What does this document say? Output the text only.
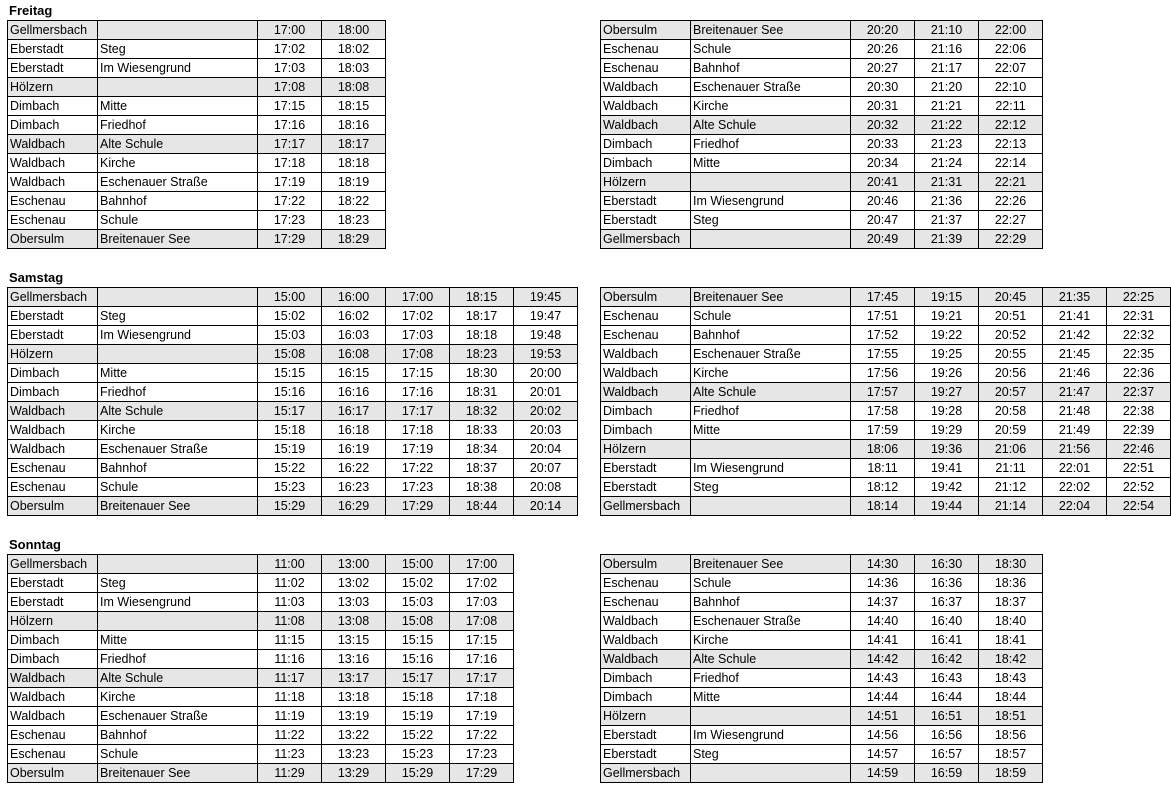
Freitag
Gellmersbach		17:00	18:00
Eberstadt	Steg	17:02	18:02
Eberstadt	Im Wiesengrund	17:03	18:03
Hölzern		17:08	18:08
Dimbach	Mitte	17:15	18:15
Dimbach	Friedhof	17:16	18:16
Waldbach	Alte Schule	17:17	18:17
Waldbach	Kirche	17:18	18:18
Waldbach	Eschenauer Straße	17:19	18:19
Eschenau	Bahnhof	17:22	18:22
Eschenau	Schule	17:23	18:23
Obersulm	Breitenauer See	17:29	18:29
Obersulm	Breitenauer See	20:20	21:10	22:00
Eschenau	Schule	20:26	21:16	22:06
Eschenau	Bahnhof	20:27	21:17	22:07
Waldbach	Eschenauer Straße	20:30	21:20	22:10
Waldbach	Kirche	20:31	21:21	22:11
Waldbach	Alte Schule	20:32	21:22	22:12
Dimbach	Friedhof	20:33	21:23	22:13
Dimbach	Mitte	20:34	21:24	22:14
Hölzern		20:41	21:31	22:21
Eberstadt	Im Wiesengrund	20:46	21:36	22:26
Eberstadt	Steg	20:47	21:37	22:27
Gellmersbach		20:49	21:39	22:29
Samstag
Gellmersbach		15:00	16:00	17:00	18:15	19:45
Eberstadt	Steg	15:02	16:02	17:02	18:17	19:47
Eberstadt	Im Wiesengrund	15:03	16:03	17:03	18:18	19:48
Hölzern		15:08	16:08	17:08	18:23	19:53
Dimbach	Mitte	15:15	16:15	17:15	18:30	20:00
Dimbach	Friedhof	15:16	16:16	17:16	18:31	20:01
Waldbach	Alte Schule	15:17	16:17	17:17	18:32	20:02
Waldbach	Kirche	15:18	16:18	17:18	18:33	20:03
Waldbach	Eschenauer Straße	15:19	16:19	17:19	18:34	20:04
Eschenau	Bahnhof	15:22	16:22	17:22	18:37	20:07
Eschenau	Schule	15:23	16:23	17:23	18:38	20:08
Obersulm	Breitenauer See	15:29	16:29	17:29	18:44	20:14
Obersulm	Breitenauer See	17:45	19:15	20:45	21:35	22:25
Eschenau	Schule	17:51	19:21	20:51	21:41	22:31
Eschenau	Bahnhof	17:52	19:22	20:52	21:42	22:32
Waldbach	Eschenauer Straße	17:55	19:25	20:55	21:45	22:35
Waldbach	Kirche	17:56	19:26	20:56	21:46	22:36
Waldbach	Alte Schule	17:57	19:27	20:57	21:47	22:37
Dimbach	Friedhof	17:58	19:28	20:58	21:48	22:38
Dimbach	Mitte	17:59	19:29	20:59	21:49	22:39
Hölzern		18:06	19:36	21:06	21:56	22:46
Eberstadt	Im Wiesengrund	18:11	19:41	21:11	22:01	22:51
Eberstadt	Steg	18:12	19:42	21:12	22:02	22:52
Gellmersbach		18:14	19:44	21:14	22:04	22:54
Sonntag
Gellmersbach		11:00	13:00	15:00	17:00
Eberstadt	Steg	11:02	13:02	15:02	17:02
Eberstadt	Im Wiesengrund	11:03	13:03	15:03	17:03
Hölzern		11:08	13:08	15:08	17:08
Dimbach	Mitte	11:15	13:15	15:15	17:15
Dimbach	Friedhof	11:16	13:16	15:16	17:16
Waldbach	Alte Schule	11:17	13:17	15:17	17:17
Waldbach	Kirche	11:18	13:18	15:18	17:18
Waldbach	Eschenauer Straße	11:19	13:19	15:19	17:19
Eschenau	Bahnhof	11:22	13:22	15:22	17:22
Eschenau	Schule	11:23	13:23	15:23	17:23
Obersulm	Breitenauer See	11:29	13:29	15:29	17:29
Obersulm	Breitenauer See	14:30	16:30	18:30
Eschenau	Schule	14:36	16:36	18:36
Eschenau	Bahnhof	14:37	16:37	18:37
Waldbach	Eschenauer Straße	14:40	16:40	18:40
Waldbach	Kirche	14:41	16:41	18:41
Waldbach	Alte Schule	14:42	16:42	18:42
Dimbach	Friedhof	14:43	16:43	18:43
Dimbach	Mitte	14:44	16:44	18:44
Hölzern		14:51	16:51	18:51
Eberstadt	Im Wiesengrund	14:56	16:56	18:56
Eberstadt	Steg	14:57	16:57	18:57
Gellmersbach		14:59	16:59	18:59
